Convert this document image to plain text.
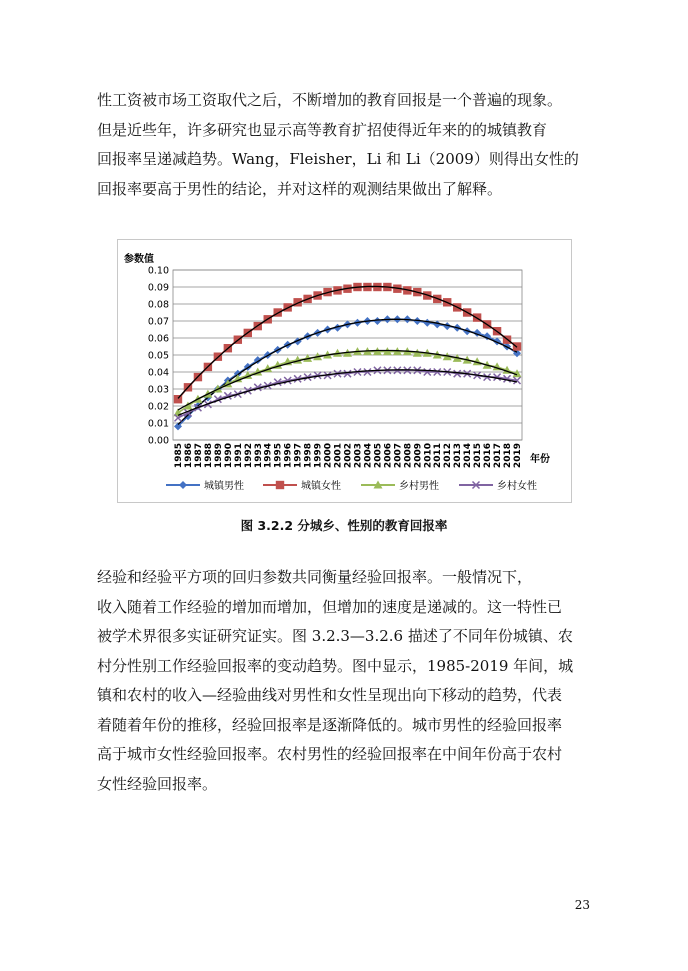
性工资被市场工资取代之后，不断增加的教育回报是一个普遍的现象。
但是近些年，许多研究也显示高等教育扩招使得近年来的的城镇教育
回报率呈递减趋势。Wang，Fleisher，Li 和 Li（2009）则得出女性的
回报率要高于男性的结论，并对这样的观测结果做出了解释。
0.00
0.01
0.02
0.03
0.04
0.05
0.06
0.07
0.08
0.09
0.10
参数值
年份
1985 1986 1987 1988 1989 1990 1991 1992 1993 1994 1995 1996 1997 1998 1999 2000 2001 2002 2003 2004 2005 2006 2007 2008 2009 2010 2011 2012 2013 2014 2015 2016 2017 2018 2019
城镇男性	城镇女性	乡村男性	乡村女性
图 3.2.2 分城乡、性别的教育回报率
经验和经验平方项的回归参数共同衡量经验回报率。一般情况下，
收入随着工作经验的增加而增加，但增加的速度是递减的。这一特性已
被学术界很多实证研究证实。图 3.2.3—3.2.6 描述了不同年份城镇、农
村分性别工作经验回报率的变动趋势。图中显示，1985-2019 年间，城
镇和农村的收入—经验曲线对男性和女性呈现出向下移动的趋势，代表
着随着年份的推移，经验回报率是逐渐降低的。城市男性的经验回报率
高于城市女性经验回报率。农村男性的经验回报率在中间年份高于农村
女性经验回报率。
23
